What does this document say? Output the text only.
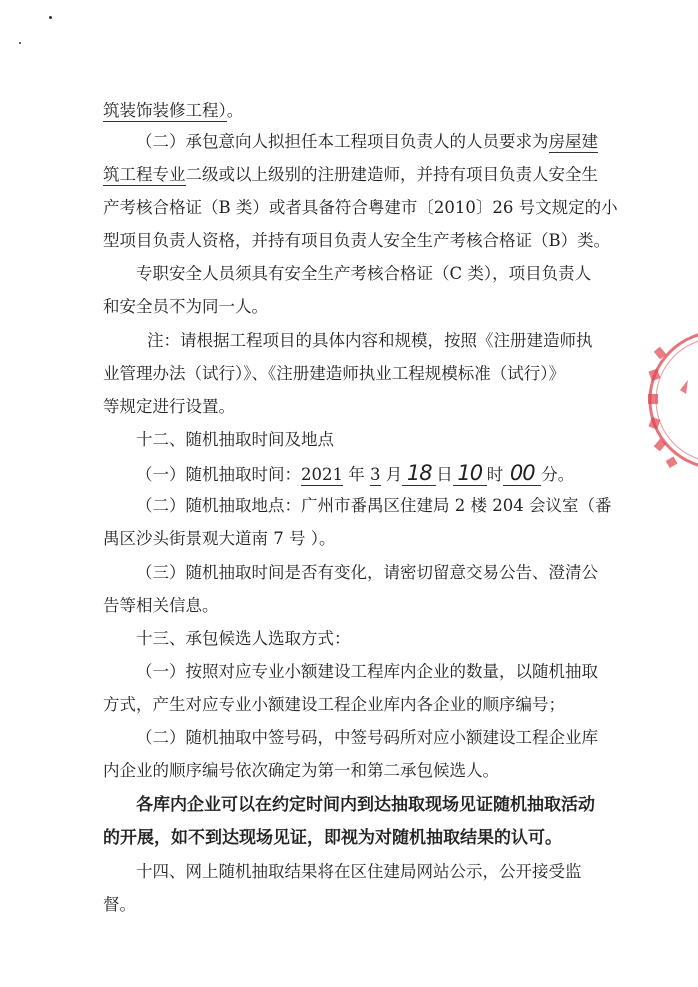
筑装饰装修工程）。
（二）承包意向人拟担任本工程项目负责人的人员要求为房屋建
筑工程专业二级或以上级别的注册建造师，并持有项目负责人安全生
产考核合格证（B 类）或者具备符合粤建市〔2010〕26 号文规定的小
型项目负责人资格，并持有项目负责人安全生产考核合格证（B）类。
专职安全人员须具有安全生产考核合格证（C 类），项目负责人
和安全员不为同一人。
注：请根据工程项目的具体内容和规模，按照《注册建造师执
业管理办法（试行）》、《注册建造师执业工程规模标准（试行）》
等规定进行设置。
十二、随机抽取时间及地点
（一）随机抽取时间：2021 年 3 月 18 日 10 时 00 分。
（二）随机抽取地点：广州市番禺区住建局 2 楼 204 会议室（番
禺区沙头街景观大道南 7 号 ）。
（三）随机抽取时间是否有变化，请密切留意交易公告、澄清公
告等相关信息。
十三、承包候选人选取方式：
（一）按照对应专业小额建设工程库内企业的数量，以随机抽取
方式，产生对应专业小额建设工程企业库内各企业的顺序编号；
（二）随机抽取中签号码，中签号码所对应小额建设工程企业库
内企业的顺序编号依次确定为第一和第二承包候选人。
各库内企业可以在约定时间内到达抽取现场见证随机抽取活动
的开展，如不到达现场见证，即视为对随机抽取结果的认可。
十四、网上随机抽取结果将在区住建局网站公示，公开接受监
督。
